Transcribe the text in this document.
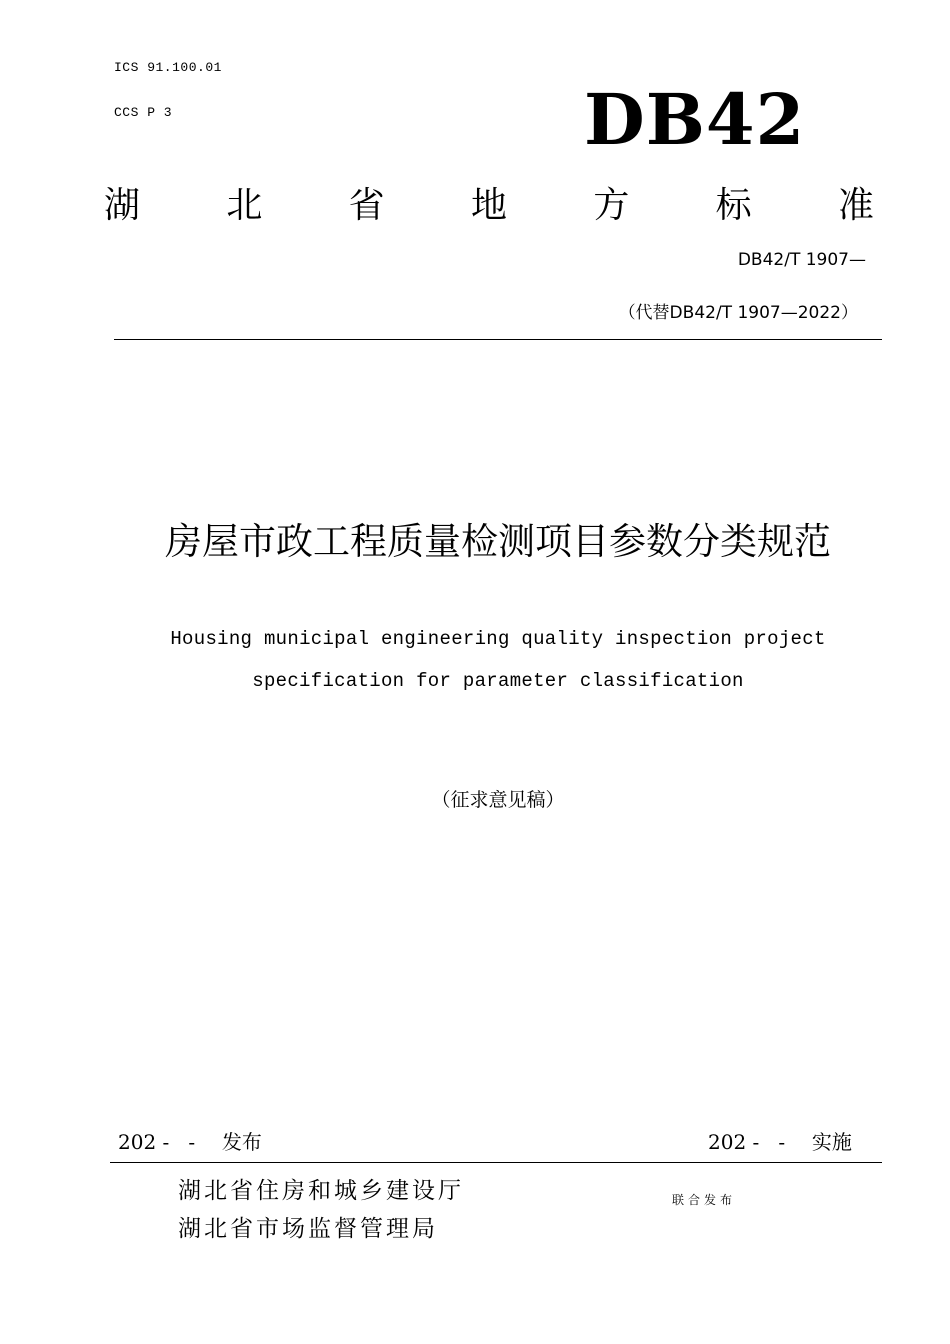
ICS 91.100.01
CCS P 3	DB42
湖 北 省 地 方 标 准
DB42/T 1907—
（代替DB42/T 1907—2022）
房屋市政工程质量检测项目参数分类规范
Housing municipal engineering quality inspection project
specification for parameter classification
（征求意见稿）
202 -   - 发布	202 -   - 实施
湖北省住房和城乡建设厅
湖北省市场监督管理局
联合发布
